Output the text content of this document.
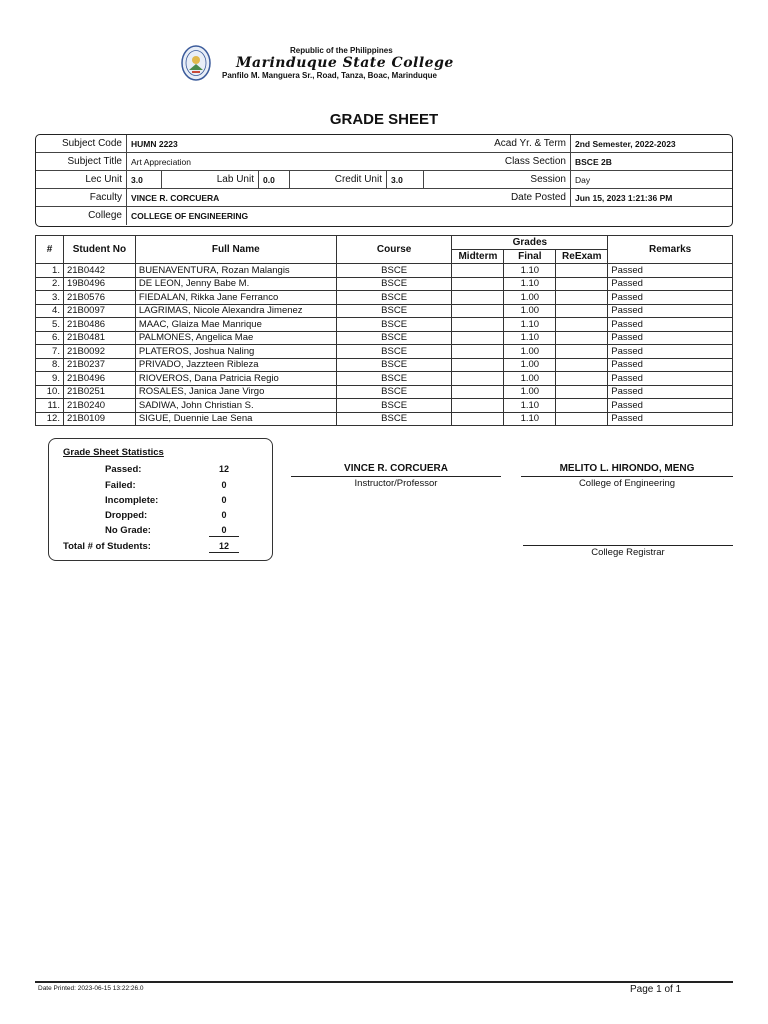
Republic of the Philippines
Marinduque State College
Panfilo M. Manguera Sr., Road, Tanza, Boac, Marinduque
GRADE SHEET
Subject Code	HUMN 2223	Acad Yr. & Term	2nd Semester, 2022-2023
Subject Title	Art Appreciation	Class Section	BSCE 2B
Lec Unit	3.0	Lab Unit	0.0	Credit Unit	3.0	Session	Day
Faculty	VINCE R. CORCUERA	Date Posted	Jun 15, 2023 1:21:36 PM
College	COLLEGE OF ENGINEERING
#	Student No	Full Name	Course	Grades			Remarks
				Midterm	Final	ReExam	
1.	21B0442	BUENAVENTURA, Rozan Malangis	BSCE		1.10		Passed
2.	19B0496	DE LEON, Jenny Babe M.	BSCE		1.10		Passed
3.	21B0576	FIEDALAN, Rikka Jane Ferranco	BSCE		1.00		Passed
4.	21B0097	LAGRIMAS, Nicole Alexandra Jimenez	BSCE		1.00		Passed
5.	21B0486	MAAC, Glaiza Mae Manrique	BSCE		1.10		Passed
6.	21B0481	PALMONES, Angelica Mae	BSCE		1.10		Passed
7.	21B0092	PLATEROS, Joshua Naling	BSCE		1.00		Passed
8.	21B0237	PRIVADO, Jazzteen Ribleza	BSCE		1.00		Passed
9.	21B0496	RIOVEROS, Dana Patricia Regio	BSCE		1.00		Passed
10.	21B0251	ROSALES, Janica Jane Virgo	BSCE		1.00		Passed
11.	21B0240	SADIWA, John Christian S.	BSCE		1.10		Passed
12.	21B0109	SIGUE, Duennie Lae Sena	BSCE		1.10		Passed
Grade Sheet Statistics
Passed:	12
Failed:	0
Incomplete:	0
Dropped:	0
No Grade:	0
Total # of Students:	12
VINCE R. CORCUERA
Instructor/Professor
MELITO L. HIRONDO, MENG
College of Engineering
College Registrar
Date Printed: 2023-06-15 13:22:26.0	Page 1 of 1
